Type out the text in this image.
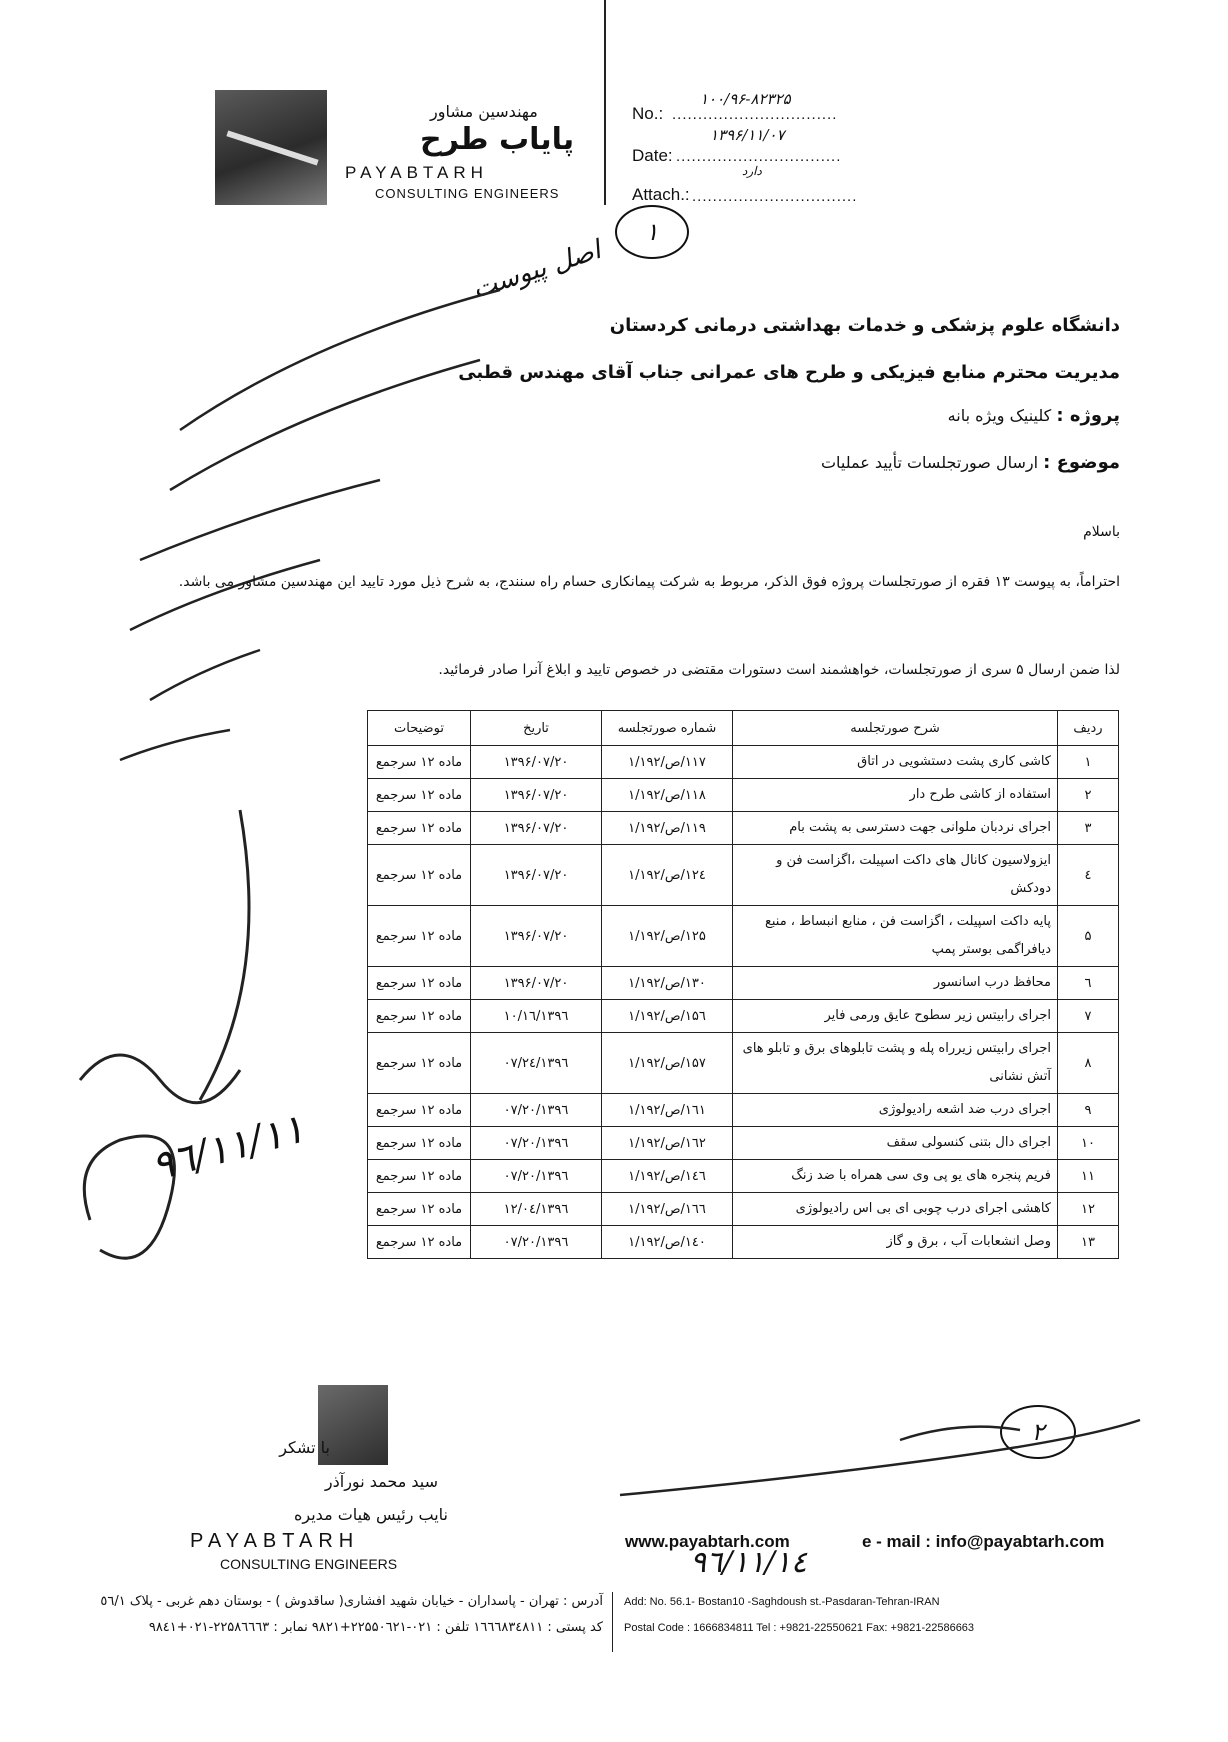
مهندسین مشاور
پایاب طرح
PAYABTARH
CONSULTING ENGINEERS
No.: ................................
۱۰۰/۹۶-۸۲۳۲۵
Date: ................................
۱۳۹۶/۱۱/۰۷
Attach.: ................................
دارد
اصل پیوست
۱
دانشگاه علوم پزشکی و خدمات بهداشتی درمانی کردستان
مدیریت محترم منابع فیزیکی و طرح های عمرانی جناب آقای مهندس قطبی
پروژه : کلینیک ویژه بانه
موضوع : ارسال صورتجلسات تأیید عملیات
باسلام
احتراماً، به پیوست ۱۳ فقره از صورتجلسات پروژه فوق الذکر، مربوط به شرکت پیمانکاری حسام راه سنندج، به شرح ذیل مورد تایید این مهندسین مشاور می باشد.
لذا ضمن ارسال ۵ سری از صورتجلسات، خواهشمند است دستورات مقتضی در خصوص تایید و ابلاغ آنرا صادر فرمائید.
ردیف	شرح صورتجلسه	شماره صورتجلسه	تاریخ	توضیحات
۱	کاشی کاری پشت دستشویی در اتاق	۱۱۷/ص/۱/۱۹۲	۱۳۹۶/۰۷/۲۰	ماده ۱۲ سرجمع
۲	استفاده از کاشی طرح دار	۱۱۸/ص/۱/۱۹۲	۱۳۹۶/۰۷/۲۰	ماده ۱۲ سرجمع
۳	اجرای نردبان ملوانی جهت دسترسی به پشت بام	۱۱۹/ص/۱/۱۹۲	۱۳۹۶/۰۷/۲۰	ماده ۱۲ سرجمع
٤	ایزولاسیون کانال های داکت اسپیلت ،اگزاست فن و دودکش	۱۲٤/ص/۱/۱۹۲	۱۳۹۶/۰۷/۲۰	ماده ۱۲ سرجمع
۵	پایه داکت اسپیلت ، اگزاست فن ، منابع انبساط ، منبع دیافراگمی بوستر پمپ	۱۲۵/ص/۱/۱۹۲	۱۳۹۶/۰۷/۲۰	ماده ۱۲ سرجمع
٦	محافظ درب اسانسور	۱۳۰/ص/۱/۱۹۲	۱۳۹۶/۰۷/۲۰	ماده ۱۲ سرجمع
۷	اجرای رابیتس زیر سطوح عایق ورمی فایر	۱۵٦/ص/۱/۱۹۲	۱۳۹٦/۱۰/۱٦	ماده ۱۲ سرجمع
۸	اجرای رابیتس زیرراه پله و پشت تابلوهای برق و تابلو های آتش نشانی	۱۵۷/ص/۱/۱۹۲	۱۳۹٦/۰۷/۲٤	ماده ۱۲ سرجمع
۹	اجرای درب ضد اشعه رادیولوژی	۱٦۱/ص/۱/۱۹۲	۱۳۹٦/۰۷/۲۰	ماده ۱۲ سرجمع
۱۰	اجرای دال بتنی کنسولی سقف	۱٦۲/ص/۱/۱۹۲	۱۳۹٦/۰۷/۲۰	ماده ۱۲ سرجمع
۱۱	فریم پنجره های یو پی وی سی همراه با ضد زنگ	۱٤٦/ص/۱/۱۹۲	۱۳۹٦/۰۷/۲۰	ماده ۱۲ سرجمع
۱۲	کاهشی اجرای درب چوبی ای بی اس رادیولوژی	۱٦٦/ص/۱/۱۹۲	۱۳۹٦/۰٤/۱۲	ماده ۱۲ سرجمع
۱۳	وصل انشعابات آب ، برق و گاز	۱٤۰/ص/۱/۱۹۲	۱۳۹٦/۰۷/۲۰	ماده ۱۲ سرجمع
۹٦/۱۱/۱۱
۲
۹٦/۱۱/۱٤
با تشکر
سید محمد نورآذر
نایب رئیس هیات مدیره
PAYABTARH
CONSULTING ENGINEERS
www.payabtarh.com	e - mail : info@payabtarh.com
آدرس : تهران - پاسداران - خیابان شهید افشاری( ساقدوش ) - بوستان دهم غربی - پلاک ٥٦/۱
کد پستی : ۱٦٦٦۸۳٤۸۱۱ تلفن : ۰۲۱-۲۲۵۵۰٦۲۱+۹۸۲۱ نمابر : ۲۲۵۸٦٦٦۳-۰۲۱+۹۸٤۱
Add: No. 56.1- Bostan10 -Saghdoush st.-Pasdaran-Tehran-IRAN
Postal Code : 1666834811 Tel : +9821-22550621 Fax: +9821-22586663
